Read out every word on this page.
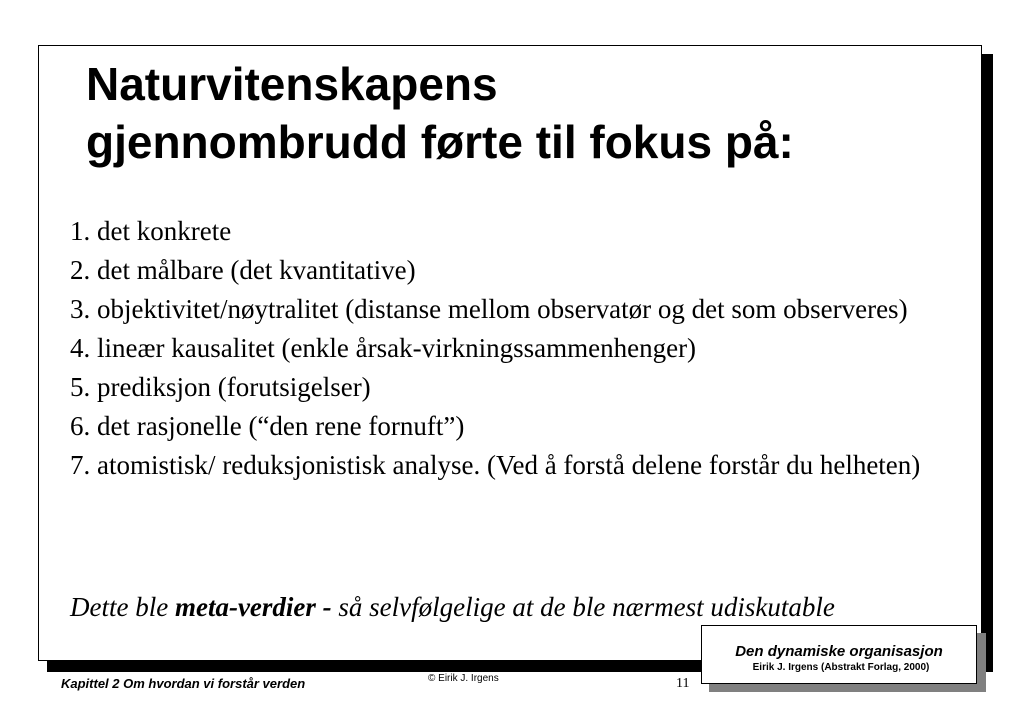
Naturvitenskapens
gjennombrudd førte til fokus på:
1. det konkrete
2. det målbare (det kvantitative)
3. objektivitet/nøytralitet (distanse mellom observatør og det som observeres)
4. lineær kausalitet (enkle årsak-virkningssammenhenger)
5. prediksjon (forutsigelser)
6. det rasjonelle (“den rene fornuft”)
7. atomistisk/ reduksjonistisk analyse. (Ved å forstå delene forstår du helheten)

Dette ble meta-verdier - så selvfølgelige at de ble nærmest udiskutable

Den dynamiske organisasjon
Eirik J. Irgens (Abstrakt Forlag, 2000)
Kapittel 2 Om hvordan vi forstår verden	© Eirik J. Irgens	11
